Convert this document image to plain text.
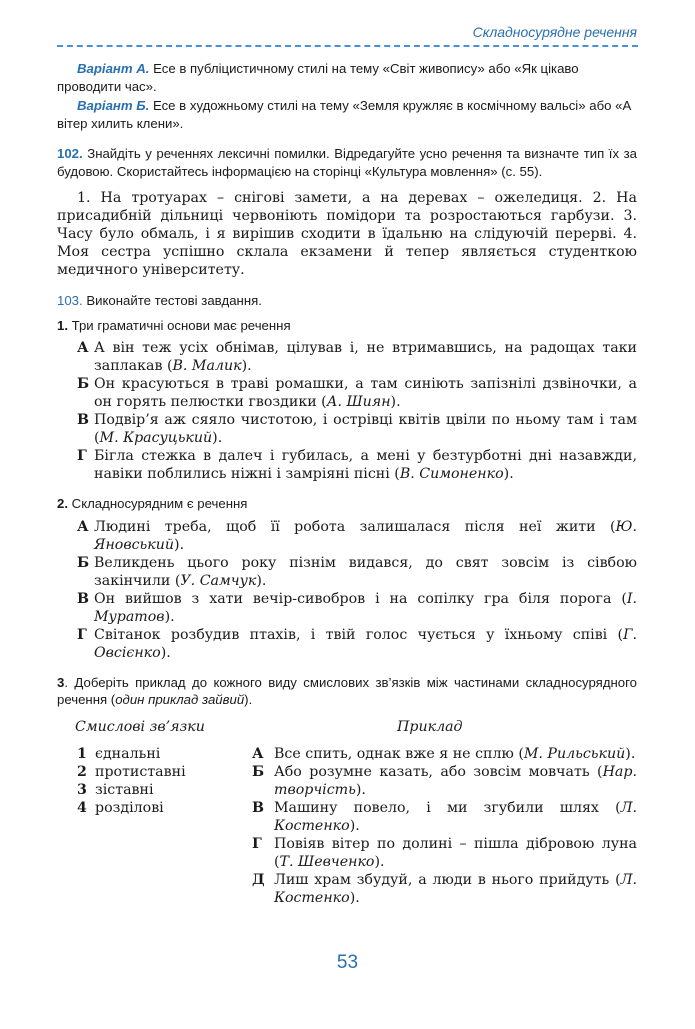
Складносурядне речення

Варіант А. Есе в публіцистичному стилі на тему «Світ живопису» або «Як цікаво проводити час».

Варіант Б. Есе в художньому стилі на тему «Земля кружляє в космічному вальсі» або «А вітер хилить клени».

102. Знайдіть у реченнях лексичні помилки. Відредагуйте усно речення та визначте тип їх за будовою. Скористайтесь інформацією на сторінці «Культура мовлення» (с. 55).

1. На тротуарах – снігові замети, а на деревах – ожеледиця. 2. На присадибній дільниці червоніють помідори та розростаються гарбузи. 3. Часу було обмаль, і я вирішив сходити в їдальню на слідуючій перерві. 4. Моя сестра успішно склала екзамени й тепер являється студенткою медичного університету.

103. Виконайте тестові завдання.

1. Три граматичні основи має речення

А А він теж усіх обнімав, цілував і, не втримавшись, на радощах таки заплакав (В. Малик).
Б Он красуються в траві ромашки, а там синіють запізнілі дзвіночки, а он горять пелюстки гвоздики (А. Шиян).
В Подвір’я аж сяяло чистотою, і острівці квітів цвіли по ньому там і там (М. Красуцький).
Г Бігла стежка в далеч і губилась, а мені у безтурботні дні назавжди, навіки поблились ніжні і замріяні пісні (В. Симоненко).

2. Складносурядним є речення

А Людині треба, щоб її робота залишалася після неї жити (Ю. Яновський).
Б Великдень цього року пізнім видався, до свят зовсім із сівбою закінчили (У. Самчук).
В Он вийшов з хати вечір-сивобров і на сопілку гра біля порога (І. Муратов).
Г Світанок розбудив птахів, і твій голос чується у їхньому співі (Г. Овсієнко).

3. Доберіть приклад до кожного виду смислових зв’язків між частинами складносурядного речення (один приклад зайвий).

Смислові зв’язки	Приклад
1 єднальні
2 протиставні
3 зіставні
4 розділові
А Все спить, однак вже я не сплю (М. Рильський).
Б Або розумне казать, або зовсім мовчать (Нар. творчість).
В Машину повело, і ми згубили шлях (Л. Костенко).
Г Повіяв вітер по долині – пішла дібровою луна (Т. Шевченко).
Д Лиш храм збудуй, а люди в нього прийдуть (Л. Костенко).
53
